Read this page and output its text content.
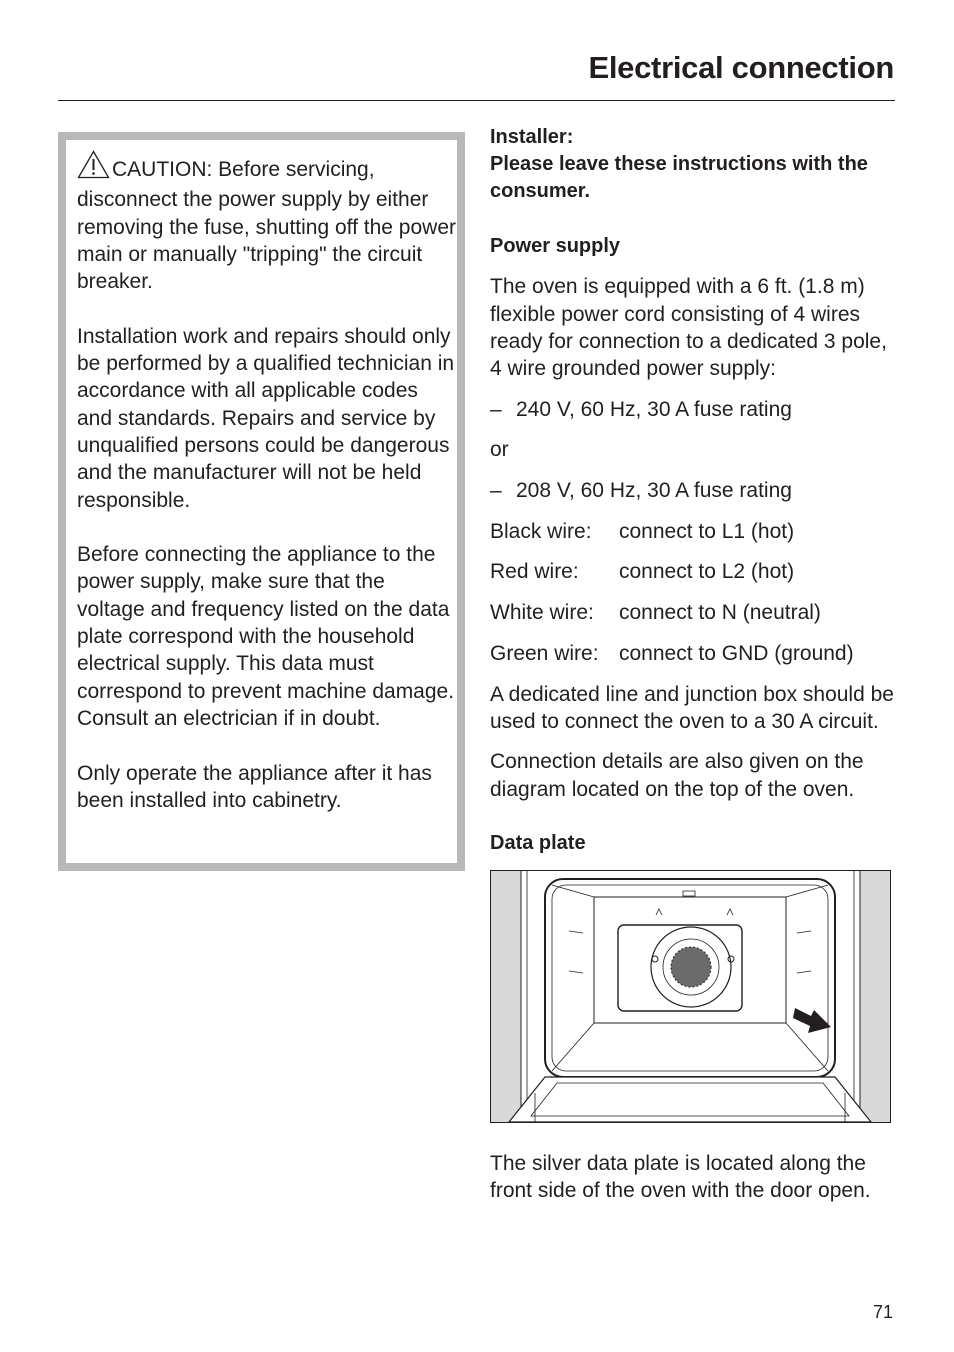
Electrical connection

CAUTION: Before servicing, disconnect the power supply by either removing the fuse, shutting off the power main or manually "tripping" the circuit breaker.

Installation work and repairs should only be performed by a qualified technician in accordance with all applicable codes and standards. Repairs and service by unqualified persons could be dangerous and the manufacturer will not be held responsible.

Before connecting the appliance to the power supply, make sure that the voltage and frequency listed on the data plate correspond with the household electrical supply. This data must correspond to prevent machine damage. Consult an electrician if in doubt.

Only operate the appliance after it has been installed into cabinetry.

Installer:

Please leave these instructions with the consumer.

Power supply

The oven is equipped with a 6 ft. (1.8 m) flexible power cord consisting of 4 wires ready for connection to a dedicated 3 pole, 4 wire grounded power supply:

– 240 V, 60 Hz, 30 A fuse rating

or

– 208 V, 60 Hz, 30 A fuse rating

Black wire:	connect to L1 (hot)

Red wire:	connect to L2 (hot)

White wire:	connect to N (neutral)

Green wire: connect to GND (ground)

A dedicated line and junction box should be used to connect the oven to a 30 A circuit.

Connection details are also given on the diagram located on the top of the oven.

Data plate

The silver data plate is located along the front side of the oven with the door open.

71
